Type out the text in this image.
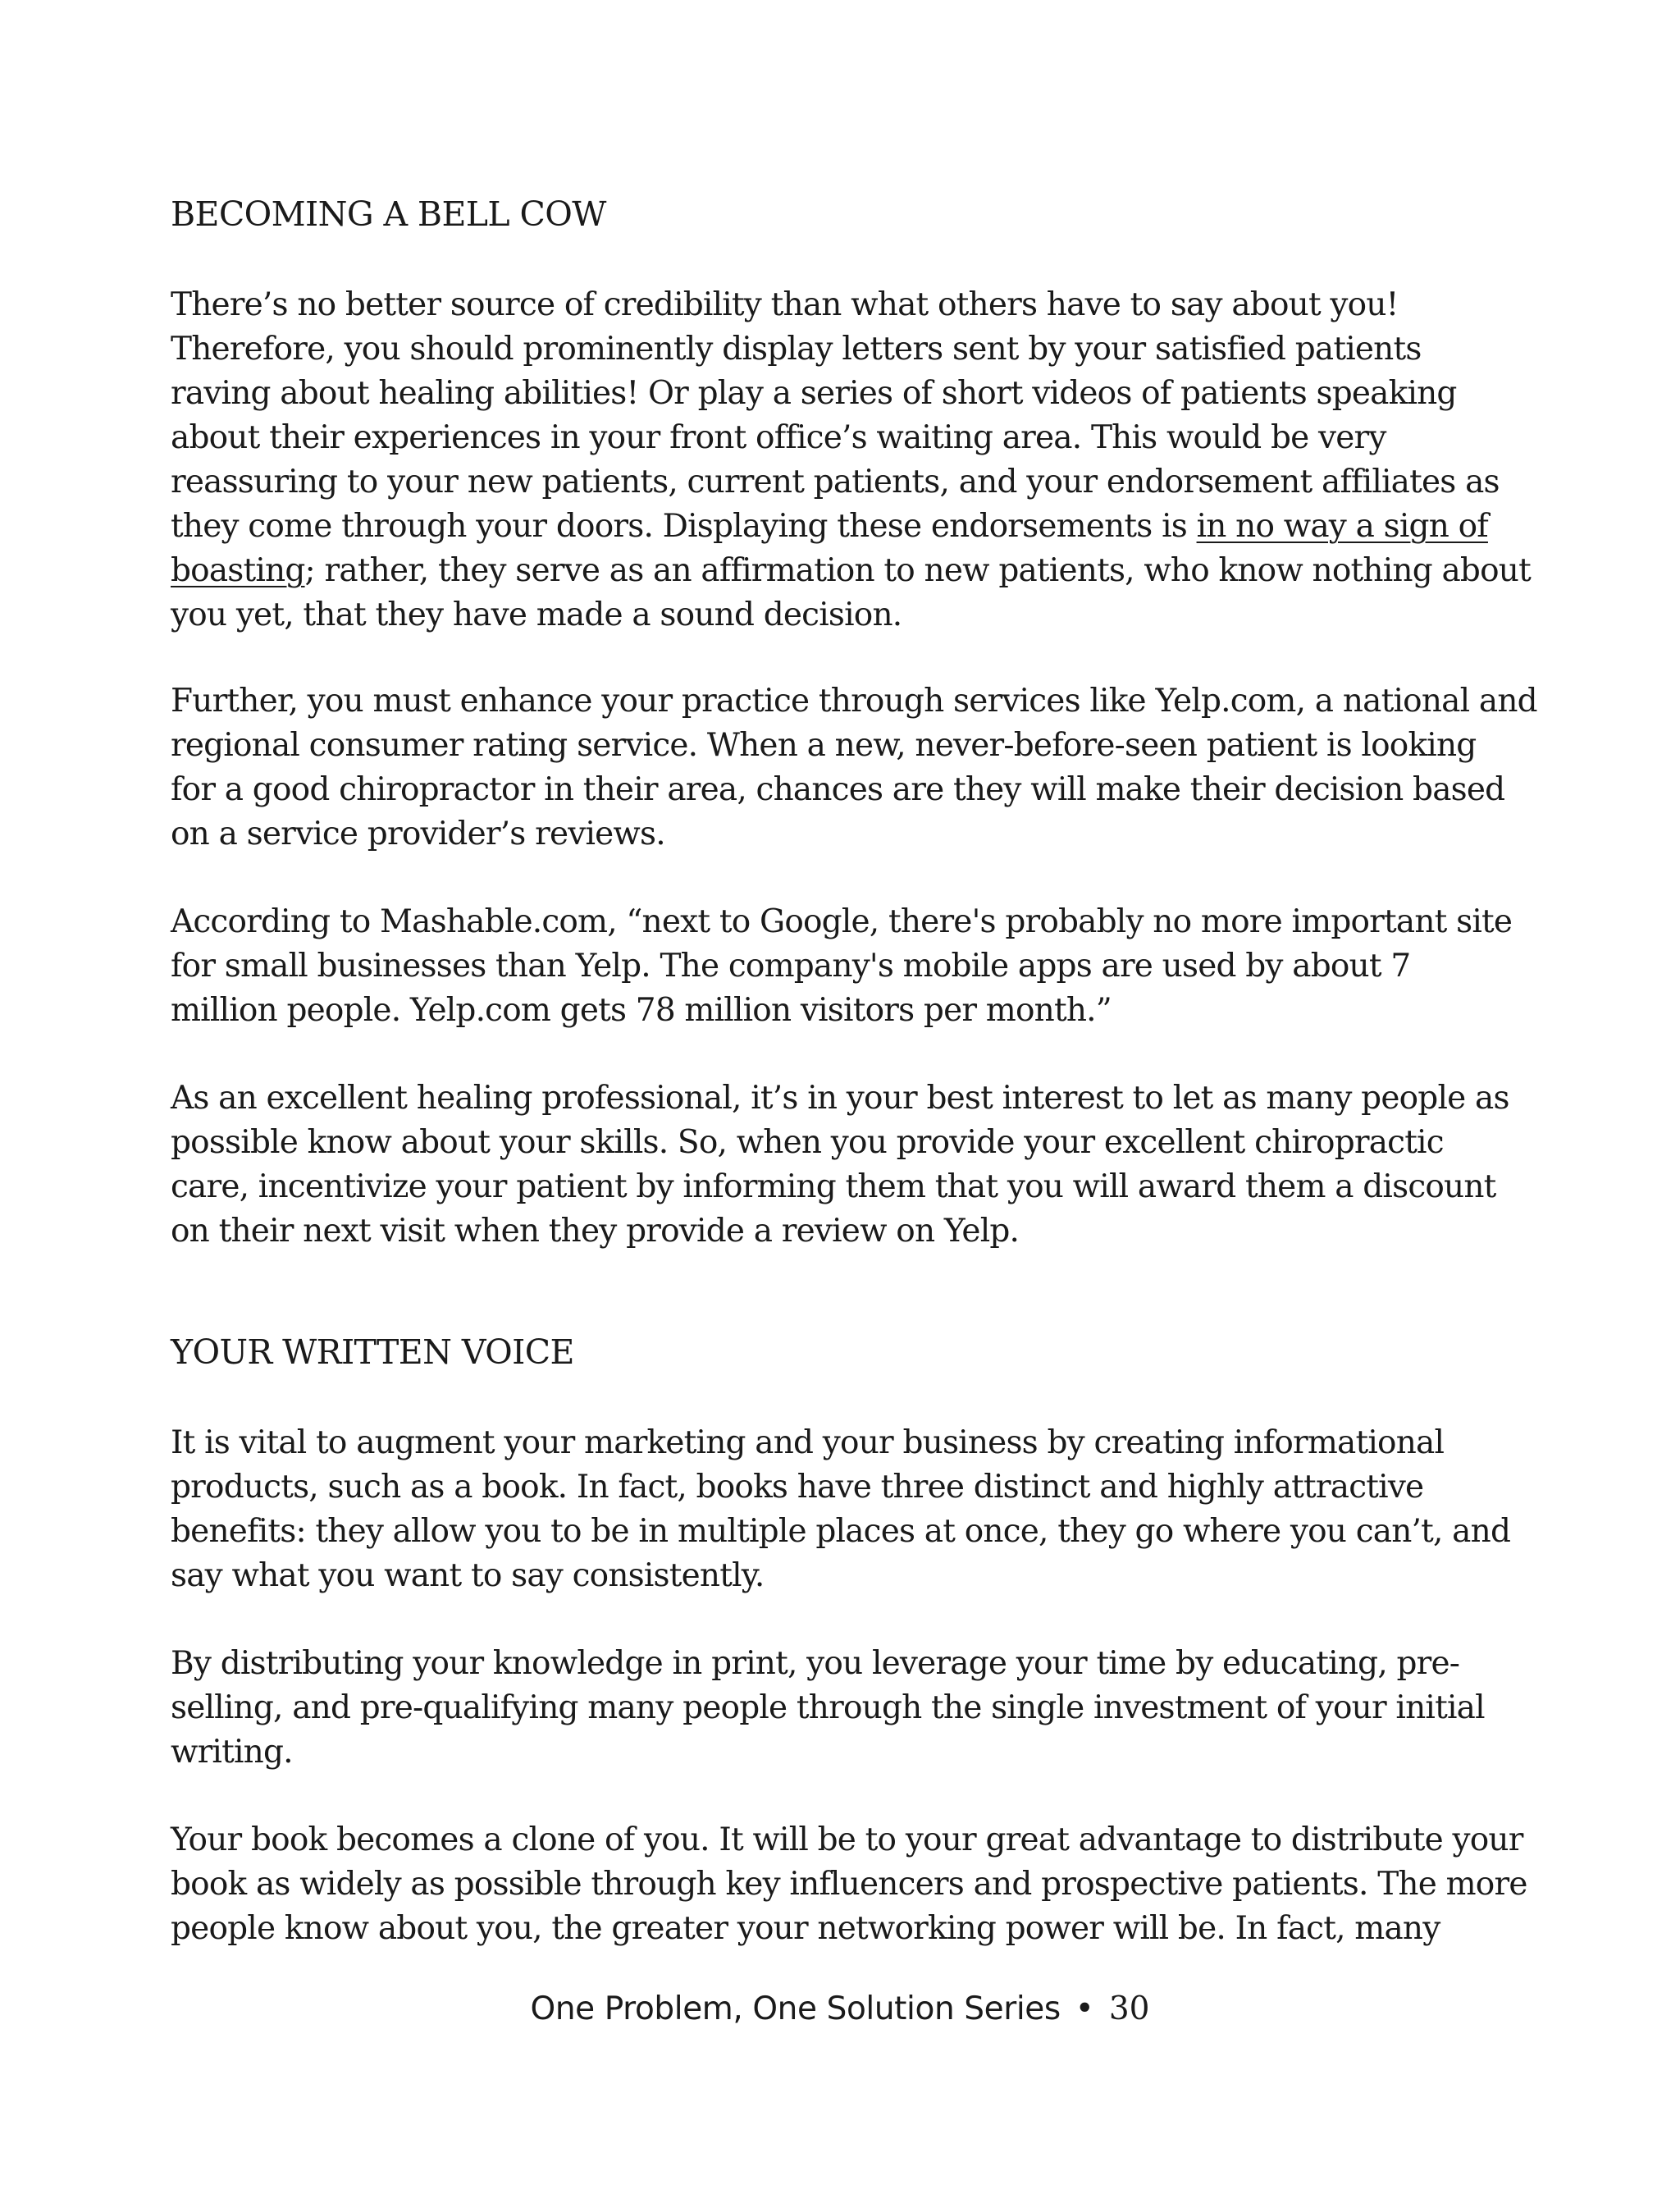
BECOMING A BELL COW
There’s no better source of credibility than what others have to say about you!
Therefore, you should prominently display letters sent by your satisfied patients
raving about healing abilities! Or play a series of short videos of patients speaking
about their experiences in your front office’s waiting area. This would be very
reassuring to your new patients, current patients, and your endorsement affiliates as
they come through your doors. Displaying these endorsements is in no way a sign of
boasting; rather, they serve as an affirmation to new patients, who know nothing about
you yet, that they have made a sound decision.
Further, you must enhance your practice through services like Yelp.com, a national and
regional consumer rating service. When a new, never-before-seen patient is looking
for a good chiropractor in their area, chances are they will make their decision based
on a service provider’s reviews.
According to Mashable.com, “next to Google, there's probably no more important site
for small businesses than Yelp. The company's mobile apps are used by about 7
million people. Yelp.com gets 78 million visitors per month.”
As an excellent healing professional, it’s in your best interest to let as many people as
possible know about your skills. So, when you provide your excellent chiropractic
care, incentivize your patient by informing them that you will award them a discount
on their next visit when they provide a review on Yelp.
YOUR WRITTEN VOICE
It is vital to augment your marketing and your business by creating informational
products, such as a book. In fact, books have three distinct and highly attractive
benefits: they allow you to be in multiple places at once, they go where you can’t, and
say what you want to say consistently.
By distributing your knowledge in print, you leverage your time by educating, pre-
selling, and pre-qualifying many people through the single investment of your initial
writing.
Your book becomes a clone of you. It will be to your great advantage to distribute your
book as widely as possible through key influencers and prospective patients. The more
people know about you, the greater your networking power will be. In fact, many
One Problem, One Solution Series • 30
